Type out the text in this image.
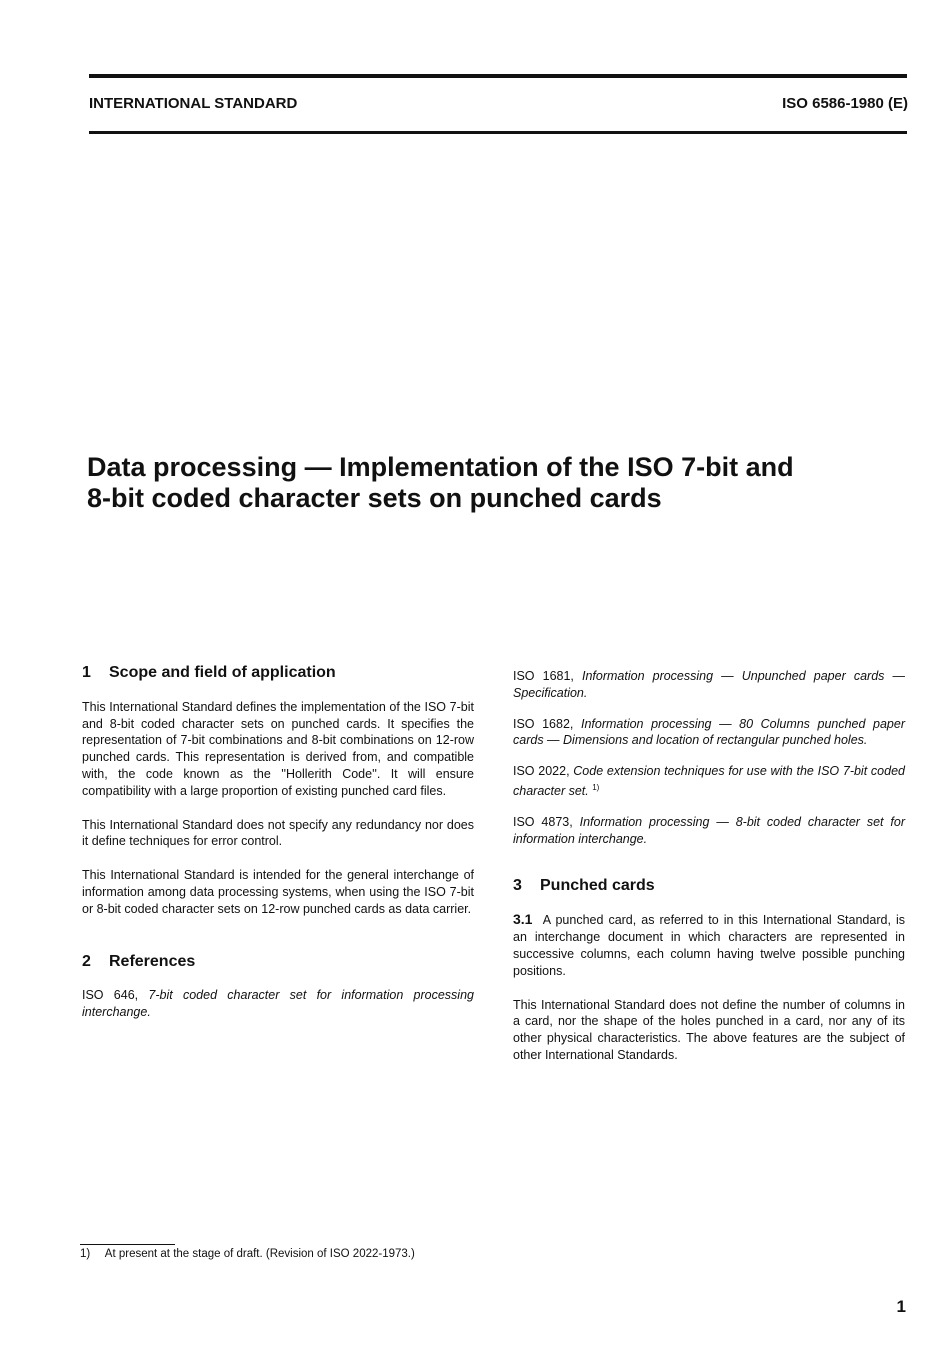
INTERNATIONAL STANDARD	ISO 6586-1980 (E)
Data processing — Implementation of the ISO 7-bit and
8-bit coded character sets on punched cards
1	Scope and field of application

This International Standard defines the implementation of the ISO 7-bit and 8-bit coded character sets on punched cards. It specifies the representation of 7-bit combinations and 8-bit combinations on 12-row punched cards. This representation is derived from, and compatible with, the code known as the ''Hollerith Code''. It will ensure compatibility with a large proportion of existing punched card files.

This International Standard does not specify any redundancy nor does it define techniques for error control.

This International Standard is intended for the general interchange of information among data processing systems, when using the ISO 7-bit or 8-bit coded character sets on 12-row punched cards as data carrier.

2	References
ISO 646, 7-bit coded character set for information processing interchange.
ISO 1681, Information processing — Unpunched paper cards — Specification.
ISO 1682, Information processing — 80 Columns punched paper cards — Dimensions and location of rectangular punched holes.
ISO 2022, Code extension techniques for use with the ISO 7-bit coded character set. $^{1)}$
ISO 4873, Information processing — 8-bit coded character set for information interchange.
3	Punched cards

3.1 A punched card, as referred to in this International Standard, is an interchange document in which characters are represented in successive columns, each column having twelve possible punching positions.

This International Standard does not define the number of columns in a card, nor the shape of the holes punched in a card, nor any of its other physical characteristics. The above features are the subject of other International Standards.

1) At present at the stage of draft. (Revision of ISO 2022-1973.)
1
